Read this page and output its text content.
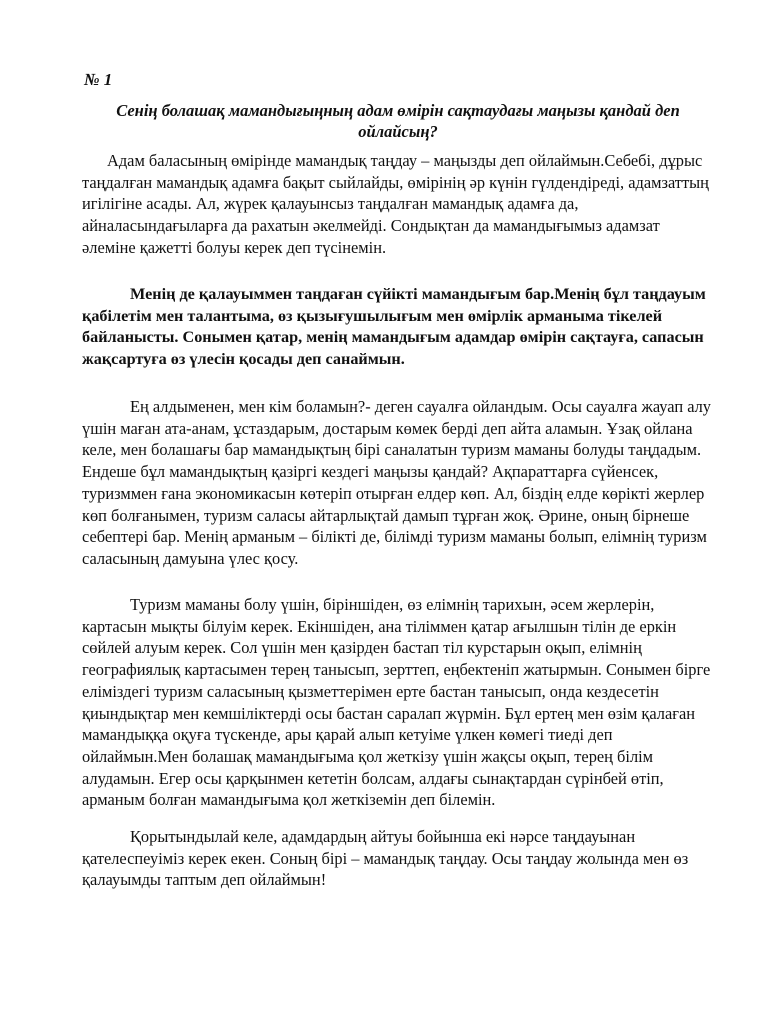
№ 1

Сенің болашақ мамандығыңның адам өмірін сақтаудағы маңызы қандай деп ойлайсың?

Адам баласының өмірінде мамандық таңдау – маңызды деп ойлаймын.Себебі, дұрыс таңдалған мамандық адамға бақыт сыйлайды, өмірінің әр күнін гүлдендіреді, адамзаттың игілігіне асады. Ал, жүрек қалауынсыз таңдалған мамандық адамға да, айналасындағыларға да рахатын әкелмейді. Сондықтан да мамандығымыз адамзат әлеміне қажетті болуы керек деп түсінемін.

Менің де қалауыммен таңдаған сүйікті мамандығым бар.Менің бұл таңдауым қабілетім мен талантыма, өз қызығушылығым мен өмірлік арманыма тікелей байланысты. Сонымен қатар, менің мамандығым адамдар өмірін сақтауға, сапасын жақсартуға өз үлесін қосады деп санаймын.

Ең алдыменен, мен кім боламын?- деген сауалға ойландым. Осы сауалға жауап алу үшін маған ата-анам, ұстаздарым, достарым көмек берді деп айта аламын. Ұзақ ойлана келе, мен болашағы бар мамандықтың бірі саналатын туризм маманы болуды таңдадым. Ендеше бұл мамандықтың қазіргі кездегі маңызы қандай? Ақпараттарға сүйенсек, туризммен ғана экономикасын көтеріп отырған елдер көп. Ал, біздің елде көрікті жерлер көп болғанымен, туризм саласы айтарлықтай дамып тұрған жоқ. Әрине, оның бірнеше себептері бар. Менің арманым – білікті де, білімді туризм маманы болып, елімнің туризм саласының дамуына үлес қосу.

Туризм маманы болу үшін, біріншіден, өз елімнің тарихын, әсем жерлерін, картасын мықты білуім керек. Екіншіден, ана тіліммен қатар ағылшын тілін де еркін сөйлей алуым керек. Сол үшін мен қазірден бастап тіл курстарын оқып, елімнің географиялық картасымен терең танысып, зерттеп, еңбектеніп жатырмын. Сонымен бірге еліміздегі туризм саласының қызметтерімен ерте бастан танысып, онда кездесетін қиындықтар мен кемшіліктерді осы бастан саралап жүрмін. Бұл ертең мен өзім қалаған мамандыққа оқуға түскенде, ары қарай алып кетуіме үлкен көмегі тиеді деп ойлаймын.Мен болашақ мамандығыма қол жеткізу үшін жақсы оқып, терең білім алудамын. Егер осы қарқынмен кететін болсам, алдағы сынақтардан сүрінбей өтіп, арманым болған мамандығыма қол жеткіземін деп білемін.

Қорытындылай келе, адамдардың айтуы бойынша екі нәрсе таңдауынан қателеспеуіміз керек екен. Соның бірі – мамандық таңдау. Осы таңдау жолында мен өз қалауымды таптым деп ойлаймын!
